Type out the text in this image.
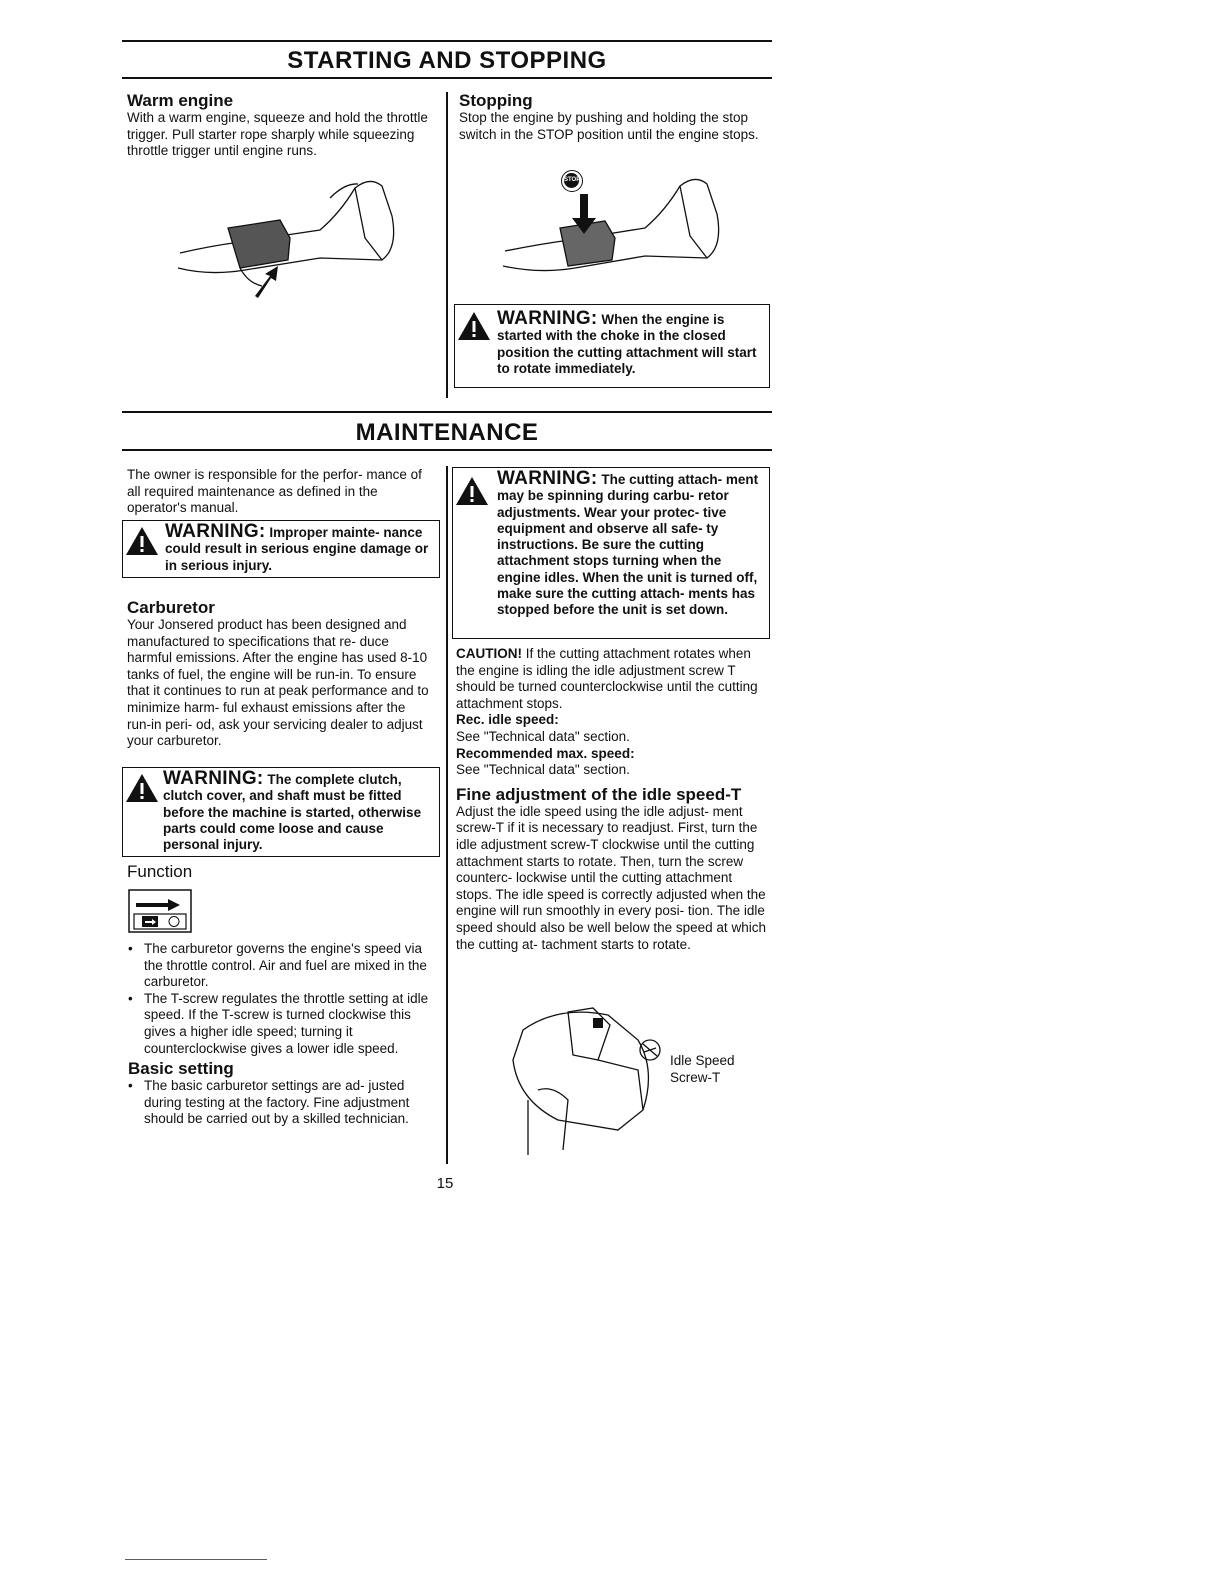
STARTING AND STOPPING

Warm engine

With a warm engine, squeeze and hold the throttle trigger. Pull starter rope sharply while squeezing throttle trigger until engine runs.

Stopping

Stop the engine by pushing and holding the stop switch in the STOP position until the engine stops.

STOP
WARNING: When the engine is started with the choke in the closed position the cutting attachment will start to rotate immediately.
MAINTENANCE

The owner is responsible for the perfor- mance of all required maintenance as defined in the operator's manual.

WARNING: Improper mainte- nance could result in serious engine damage or in serious injury.

Carburetor

Your Jonsered product has been designed and manufactured to specifications that re- duce harmful emissions. After the engine has used 8-10 tanks of fuel, the engine will be run-in. To ensure that it continues to run at peak performance and to minimize harm- ful exhaust emissions after the run-in peri- od, ask your servicing dealer to adjust your carburetor.

WARNING: The complete clutch, clutch cover, and shaft must be fitted before the machine is started, otherwise parts could come loose and cause personal injury.

Function

• The carburetor governs the engine's speed via the throttle control. Air and fuel are mixed in the carburetor.
• The T-screw regulates the throttle setting at idle speed. If the T-screw is turned clockwise this gives a higher idle speed; turning it counterclockwise gives a lower idle speed.

Basic setting

• The basic carburetor settings are ad- justed during testing at the factory. Fine adjustment should be carried out by a skilled technician.
WARNING: The cutting attach- ment may be spinning during carbu- retor adjustments. Wear your protec- tive equipment and observe all safe- ty instructions. Be sure the cutting attachment stops turning when the engine idles. When the unit is turned off, make sure the cutting attach- ments has stopped before the unit is set down.

CAUTION! If the cutting attachment rotates when the engine is idling the idle adjustment screw T should be turned counterclockwise until the cutting attachment stops.

Rec. idle speed:

See "Technical data" section.

Recommended max. speed:

See "Technical data" section.

Fine adjustment of the idle speed-T

Adjust the idle speed using the idle adjust- ment screw-T if it is necessary to readjust. First, turn the idle adjustment screw-T clockwise until the cutting attachment starts to rotate. Then, turn the screw counterc- lockwise until the cutting attachment stops. The idle speed is correctly adjusted when the engine will run smoothly in every posi- tion. The idle speed should also be well below the speed at which the cutting at- tachment starts to rotate.

Idle Speed
Screw-T
15
